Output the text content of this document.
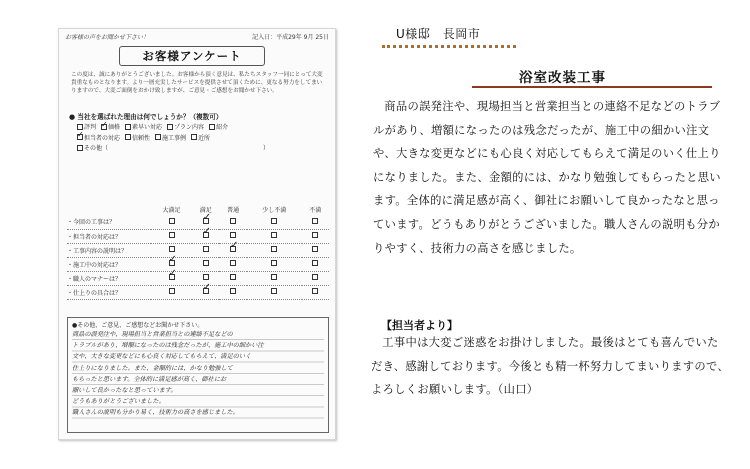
お客様の声をお聞かせ下さい！	記入日：平成29年 9月 25日
お客様アンケート
この度は、誠にありがとうございました。お客様から頂く意見は、私たちスタッフ一同にとって大変貴重なものとなります。より一層充実したサービスを提供させて頂くために、更なる努力をしてまいりますので、大変ご面倒をおかけ致しますが、ご意見・ご感想をお聞かせ下さい。
● 当社を選ばれた理由は何でしょうか？（複数可）
評判 ✓ 価格 素早い対応 プラン内容 紹介
✓担当者の対応 信頼性 施工事例 近所
その他（	）
	大満足	満足	普通	少し不満	不満
・今回の工事は？		✓			
・担当者の対応は？		✓			
・工事内容の説明は？			✓		
・施工中の対応は？	✓				
・職人のマナーは？	✓				
・仕上りの具合は？		✓			
●その他、ご意見、ご感想などお聞かせ下さい。
商品の誤発注や、現場担当と営業担当との連絡不足などの
トラブルがあり、増額になったのは残念だったが、施工中の細かい注
文や、大きな変更などにも心良く対応してもらえて、満足のいく
仕上りになりました。また、金額的には、かなり勉強して
もらったと思います。全体的に満足感が高く、御社にお
願いして良かったなと思っています。
どうもありがとうございました。
職人さんの説明も分かり易く、技術力の高さを感じました。
U様邸　長岡市
浴室改装工事

商品の誤発注や、現場担当と営業担当との連絡不足などのトラブルがあり、増額になったのは残念だったが、施工中の細かい注文や、大きな変更などにも心良く対応してもらえて満足のいく仕上りになりました。また、金額的には、かなり勉強してもらったと思います。全体的に満足感が高く、御社にお願いして良かったなと思っています。どうもありがとうございました。職人さんの説明も分かりやすく、技術力の高さを感じました。

【担当者より】

工事中は大変ご迷惑をお掛けしました。最後はとても喜んでいただき、感謝しております。今後とも精一杯努力してまいりますので、よろしくお願いします。（山口）
